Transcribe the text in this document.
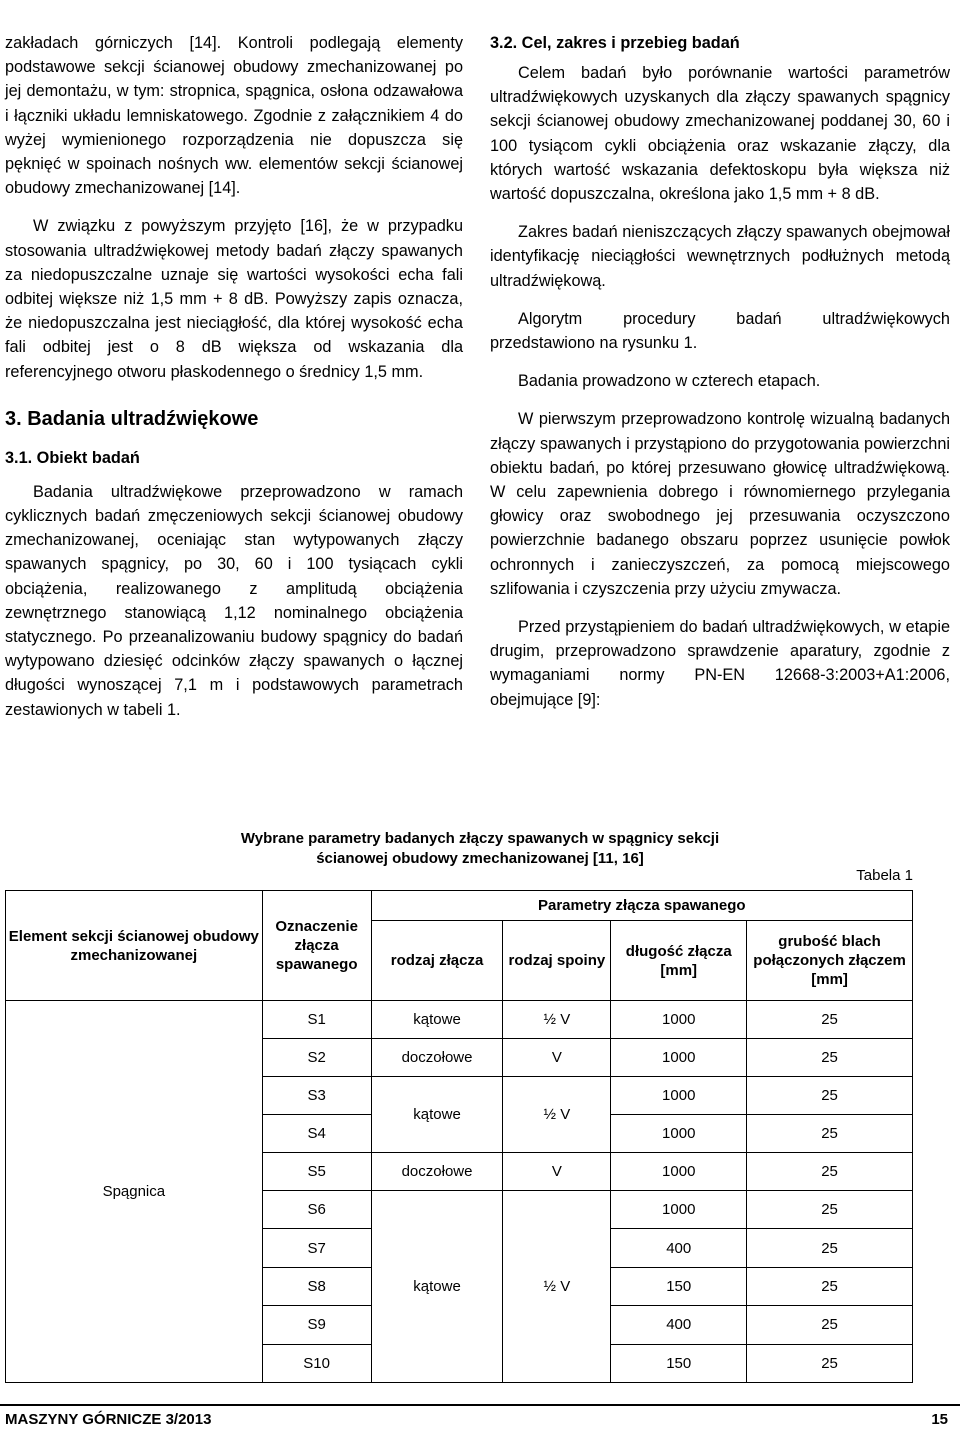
zakładach górniczych [14]. Kontroli podlegają elementy podstawowe sekcji ścianowej obudowy zmechanizowanej po jej demontażu, w tym: stropnica, spągnica, osłona odzawałowa i łączniki układu lemniskatowego. Zgodnie z załącznikiem 4 do wyżej wymienionego rozporządzenia nie dopuszcza się pęknięć w spoinach nośnych ww. elementów sekcji ścianowej obudowy zmechanizowanej [14].

W związku z powyższym przyjęto [16], że w przypadku stosowania ultradźwiękowej metody badań złączy spawanych za niedopuszczalne uznaje się wartości wysokości echa fali odbitej większe niż 1,5 mm + 8 dB. Powyższy zapis oznacza, że niedopuszczalna jest nieciągłość, dla której wysokość echa fali odbitej jest o 8 dB większa od wskazania dla referencyjnego otworu płaskodennego o średnicy 1,5 mm.

3. Badania ultradźwiękowe
3.1. Obiekt badań

Badania ultradźwiękowe przeprowadzono w ramach cyklicznych badań zmęczeniowych sekcji ścianowej obudowy zmechanizowanej, oceniając stan wytypowanych złączy spawanych spągnicy, po 30, 60 i 100 tysiącach cykli obciążenia, realizowanego z amplitudą obciążenia zewnętrznego stanowiącą 1,12 nominalnego obciążenia statycznego. Po przeanalizowaniu budowy spągnicy do badań wytypowano dziesięć odcinków złączy spawanych o łącznej długości wynoszącej 7,1 m i podstawowych parametrach zestawionych w tabeli 1.

3.2. Cel, zakres i przebieg badań

Celem badań było porównanie wartości parametrów ultradźwiękowych uzyskanych dla złączy spawanych spągnicy sekcji ścianowej obudowy zmechanizowanej poddanej 30, 60 i 100 tysiącom cykli obciążenia oraz wskazanie złączy, dla których wartość wskazania defektoskopu była większa niż wartość dopuszczalna, określona jako 1,5 mm + 8 dB.

Zakres badań nieniszczących złączy spawanych obejmował identyfikację nieciągłości wewnętrznych podłużnych metodą ultradźwiękową.

Algorytm procedury badań ultradźwiękowych przedstawiono na rysunku 1.

Badania prowadzono w czterech etapach.

W pierwszym przeprowadzono kontrolę wizualną badanych złączy spawanych i przystąpiono do przygotowania powierzchni obiektu badań, po której przesuwano głowicę ultradźwiękową. W celu zapewnienia dobrego i równomiernego przylegania głowicy oraz swobodnego jej przesuwania oczyszczono powierzchnie badanego obszaru poprzez usunięcie powłok ochronnych i zanieczyszczeń, za pomocą miejscowego szlifowania i czyszczenia przy użyciu zmywacza.

Przed przystąpieniem do badań ultradźwiękowych, w etapie drugim, przeprowadzono sprawdzenie aparatury, zgodnie z wymaganiami normy PN-EN 12668-3:2003+A1:2006, obejmujące [9]:

Wybrane parametry badanych złączy spawanych w spągnicy sekcji
ścianowej obudowy zmechanizowanej [11, 16]
Tabela 1
Element sekcji ścianowej obudowy zmechanizowanej	Oznaczenie złącza spawanego	Parametry złącza spawanego			
		rodzaj złącza	rodzaj spoiny	długość złącza [mm]	grubość blach połączonych złączem [mm]
Spągnica	S1	kątowe	½ V	1000	25
	S2	doczołowe	V	1000	25
	S3	kątowe	½ V	1000	25
	S4			1000	25
	S5	doczołowe	V	1000	25
	S6	kątowe	½ V	1000	25
	S7			400	25
	S8			150	25
	S9			400	25
	S10			150	25
MASZYNY GÓRNICZE 3/2013	15
